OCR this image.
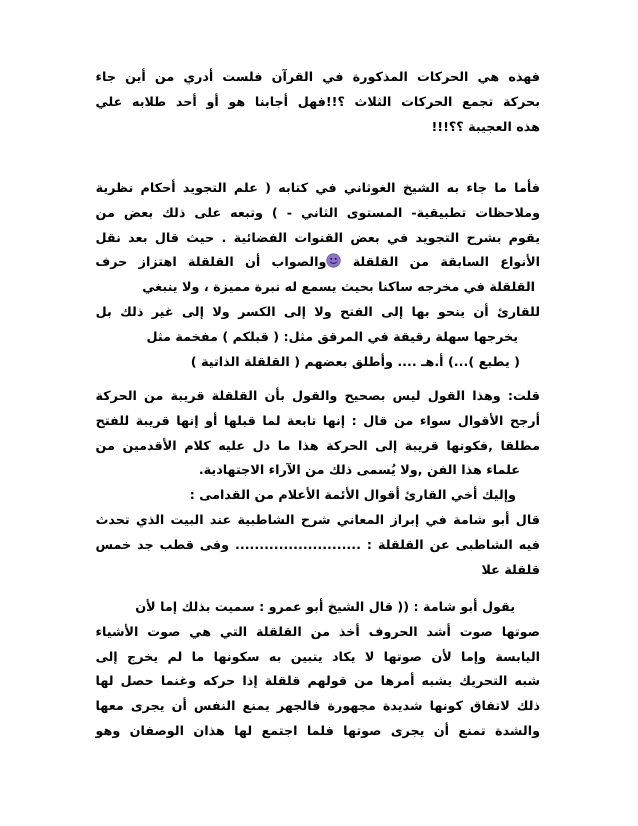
فهذه هي الحركات المذكورة في القرآن فلست أدري من أين جاء
بحركة تجمع الحركات الثلاث ؟!!فهل أجابنا هو أو أحد طلابه علي
هذه العجيبة ؟؟!!!
فأما ما جاء به الشيخ الغوثاني في كتابه ( علم التجويد أحكام نظرية
وملاحظات تطبيقية- المستوى الثاني - ) وتبعه على ذلك بعض من
يقوم بشرح التجويد في بعض القنوات الفضائية . حيث قال بعد نقل
الأنواع السابقة من القلقلة والصواب أن القلقلة اهتزاز حرف
القلقلة في مخرجه ساكنا بحيث يسمع له نبرة مميزة ، ولا ينبغي
للقارئ أن ينحو بها إلى الفتح ولا إلى الكسر ولا إلى غير ذلك بل
يخرجها سهلة رقيقة في المرقق مثل: ( قبلكم ) مفخمة مثل
( يطبع )...) أ.هـ .... وأطلق بعضهم ( القلقلة الذاتية )
قلت: وهذا القول ليس بصحيح والقول بأن القلقلة قريبة من الحركة
أرجح الأقوال سواء من قال : إنها تابعة لما قبلها أو إنها قريبة للفتح
مطلقا ,فكونها قريبة إلى الحركة هذا ما دل عليه كلام الأقدمين من
علماء هذا الفن ,ولا يُسمى ذلك من الآراء الاجتهادية.
وإليك أخي القارئ أقوال الأئمة الأعلام من القدامى :
قال أبو شامة في إبراز المعاني شرح الشاطبية عند البيت الذي تحدث
فيه الشاطبى عن القلقلة : .......................... وفى قطب جد خمس
قلقلة علا
يقول أبو شامة : (( قال الشيخ أبو عمرو : سميت بذلك إما لأن
صوتها صوت أشد الحروف أخذ من القلقلة التي هي صوت الأشياء
اليابسة وإما لأن صوتها لا يكاد يتبين به سكونها ما لم يخرج إلى
شبه التحريك يشبه أمرها من قولهم قلقلة إذا حركه وغنما حصل لها
ذلك لاتفاق كونها شديدة مجهورة فالجهر يمنع النفس أن يجرى معها
والشدة تمنع أن يجرى صوتها فلما اجتمع لها هذان الوصفان وهو
